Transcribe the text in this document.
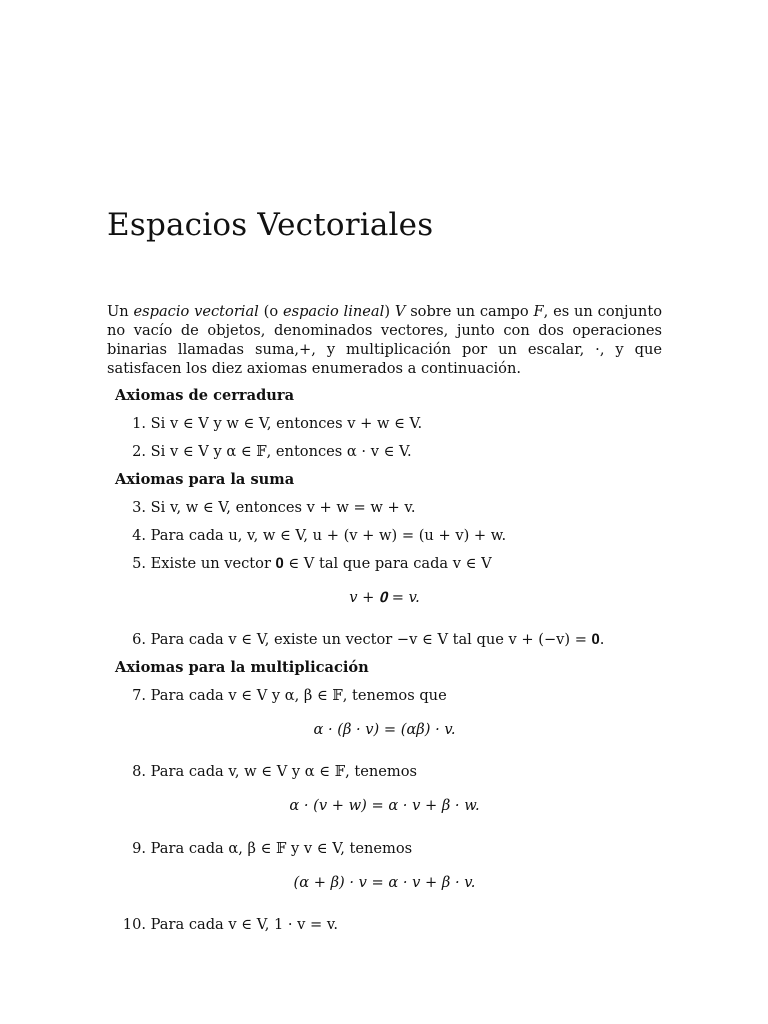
Espacios Vectoriales

Un espacio vectorial (o espacio lineal) V sobre un campo F, es un conjunto no vacío de objetos, denominados vectores, junto con dos operaciones binarias llamadas suma,+, y multiplicación por un escalar, ·, y que satisfacen los diez axiomas enumerados a continuación.

Axiomas de cerradura

1. Si v ∈ V y w ∈ V, entonces v + w ∈ V.

2. Si v ∈ V y α ∈ 𝔽, entonces α · v ∈ V.

Axiomas para la suma

3. Si v, w ∈ V, entonces v + w = w + v.

4. Para cada u, v, w ∈ V, u + (v + w) = (u + v) + w.

5. Existe un vector 𝟎 ∈ V tal que para cada v ∈ V

v + 𝟎 = v.

6. Para cada v ∈ V, existe un vector −v ∈ V tal que v + (−v) = 𝟎.

Axiomas para la multiplicación

7. Para cada v ∈ V y α, β ∈ 𝔽, tenemos que

α · (β · v) = (αβ) · v.

8. Para cada v, w ∈ V y α ∈ 𝔽, tenemos

α · (v + w) = α · v + β · w.

9. Para cada α, β ∈ 𝔽 y v ∈ V, tenemos

(α + β) · v = α · v + β · v.

10. Para cada v ∈ V, 1 · v = v.
